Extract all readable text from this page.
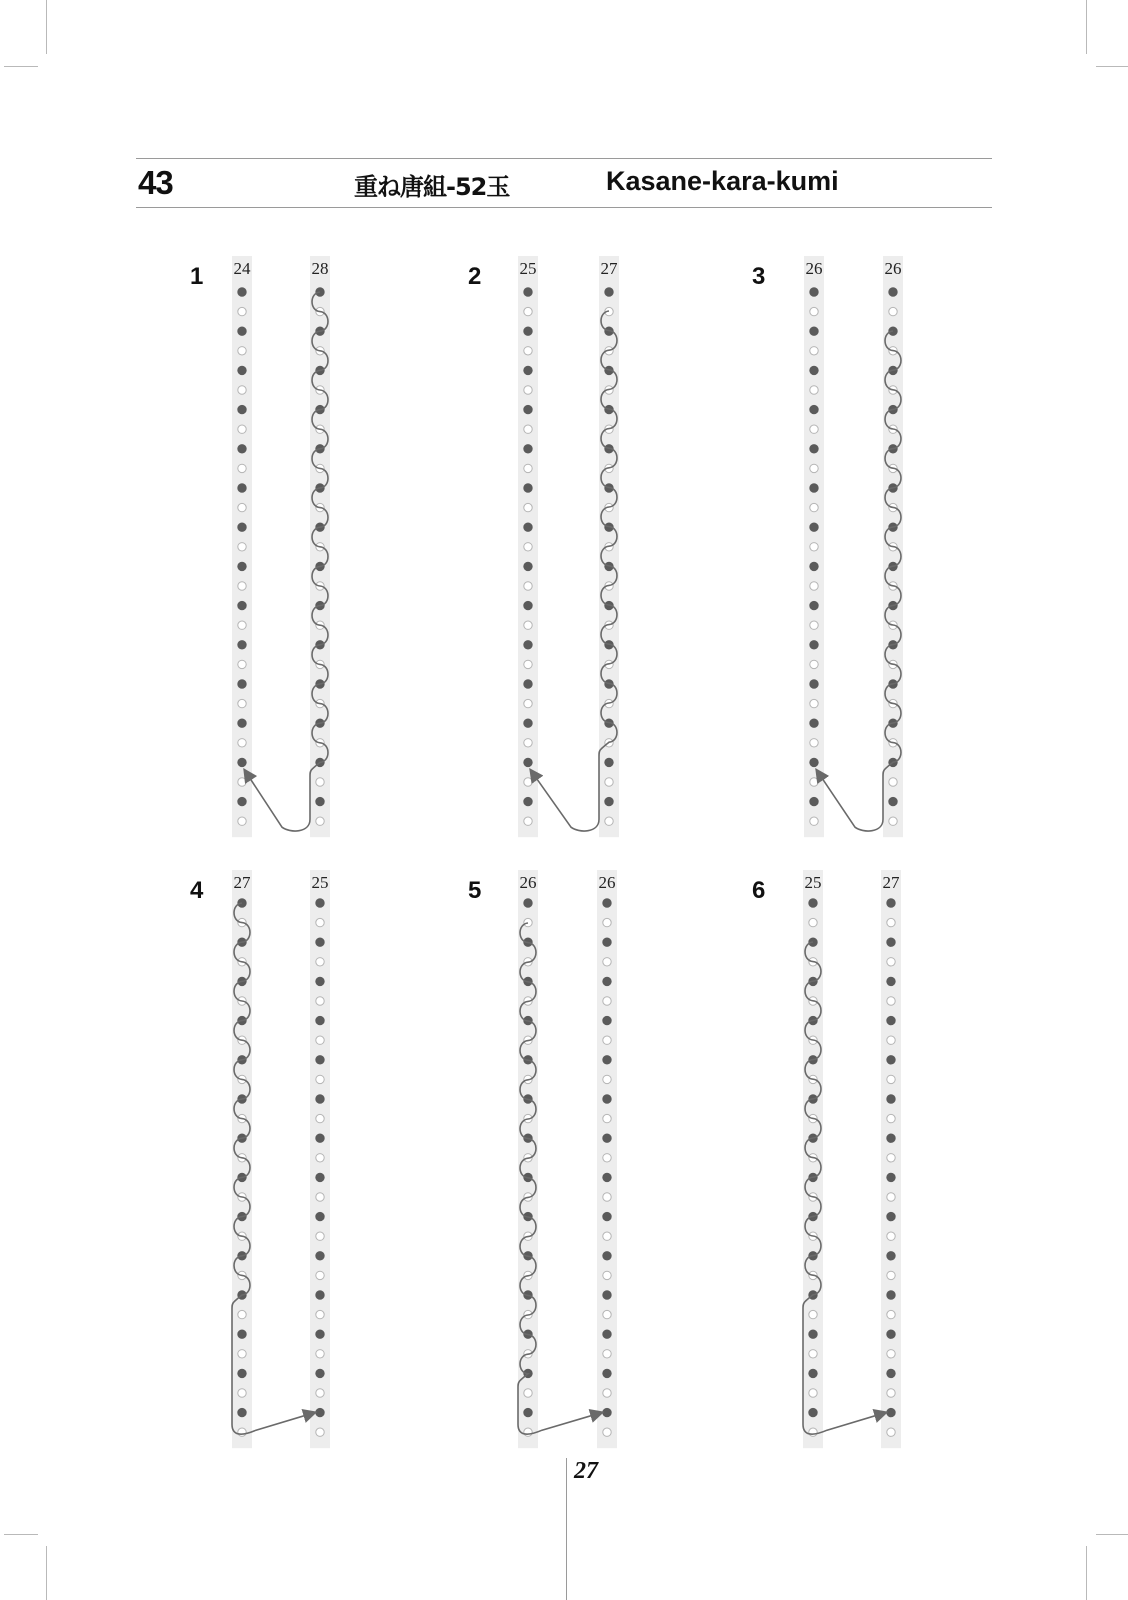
43	重ね唐組-52玉	Kasane-kara-kumi
1 24	28	2 25	27	3 26	26
4 27	25	5 26	26	6 25	27
27
